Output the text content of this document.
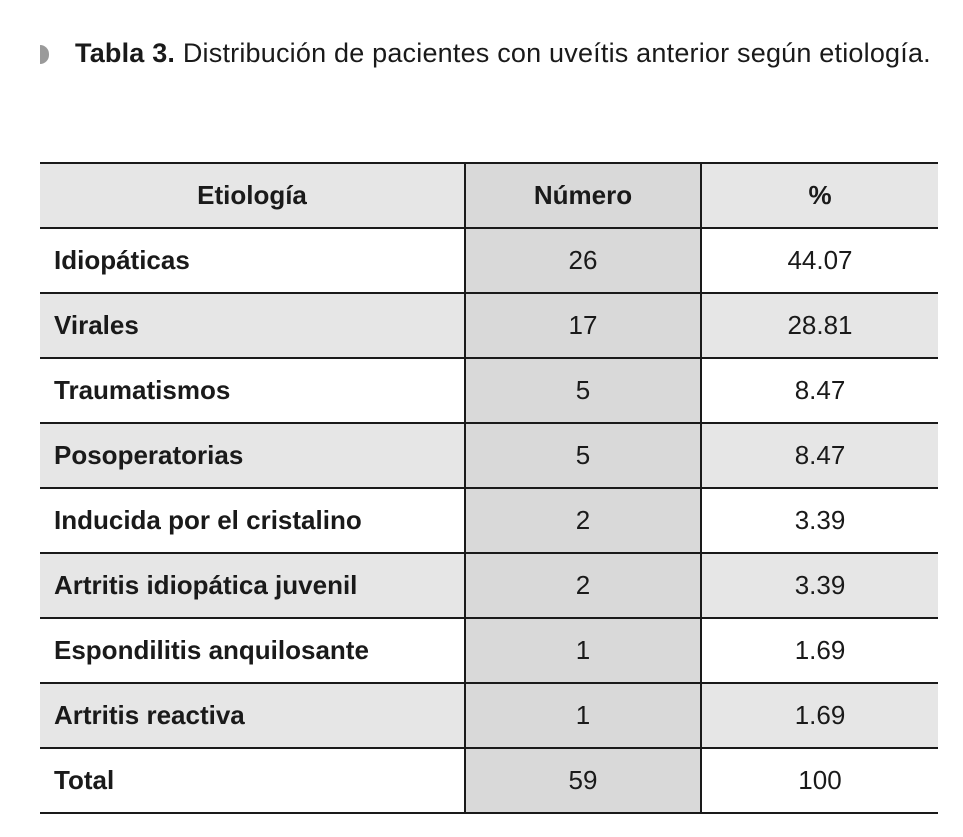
Tabla 3. Distribución de pacientes con uveítis anterior según etiología.
Etiología	Número	%
Idiopáticas	26	44.07
Virales	17	28.81
Traumatismos	5	8.47
Posoperatorias	5	8.47
Inducida por el cristalino	2	3.39
Artritis idiopática juvenil	2	3.39
Espondilitis anquilosante	1	1.69
Artritis reactiva	1	1.69
Total	59	100
